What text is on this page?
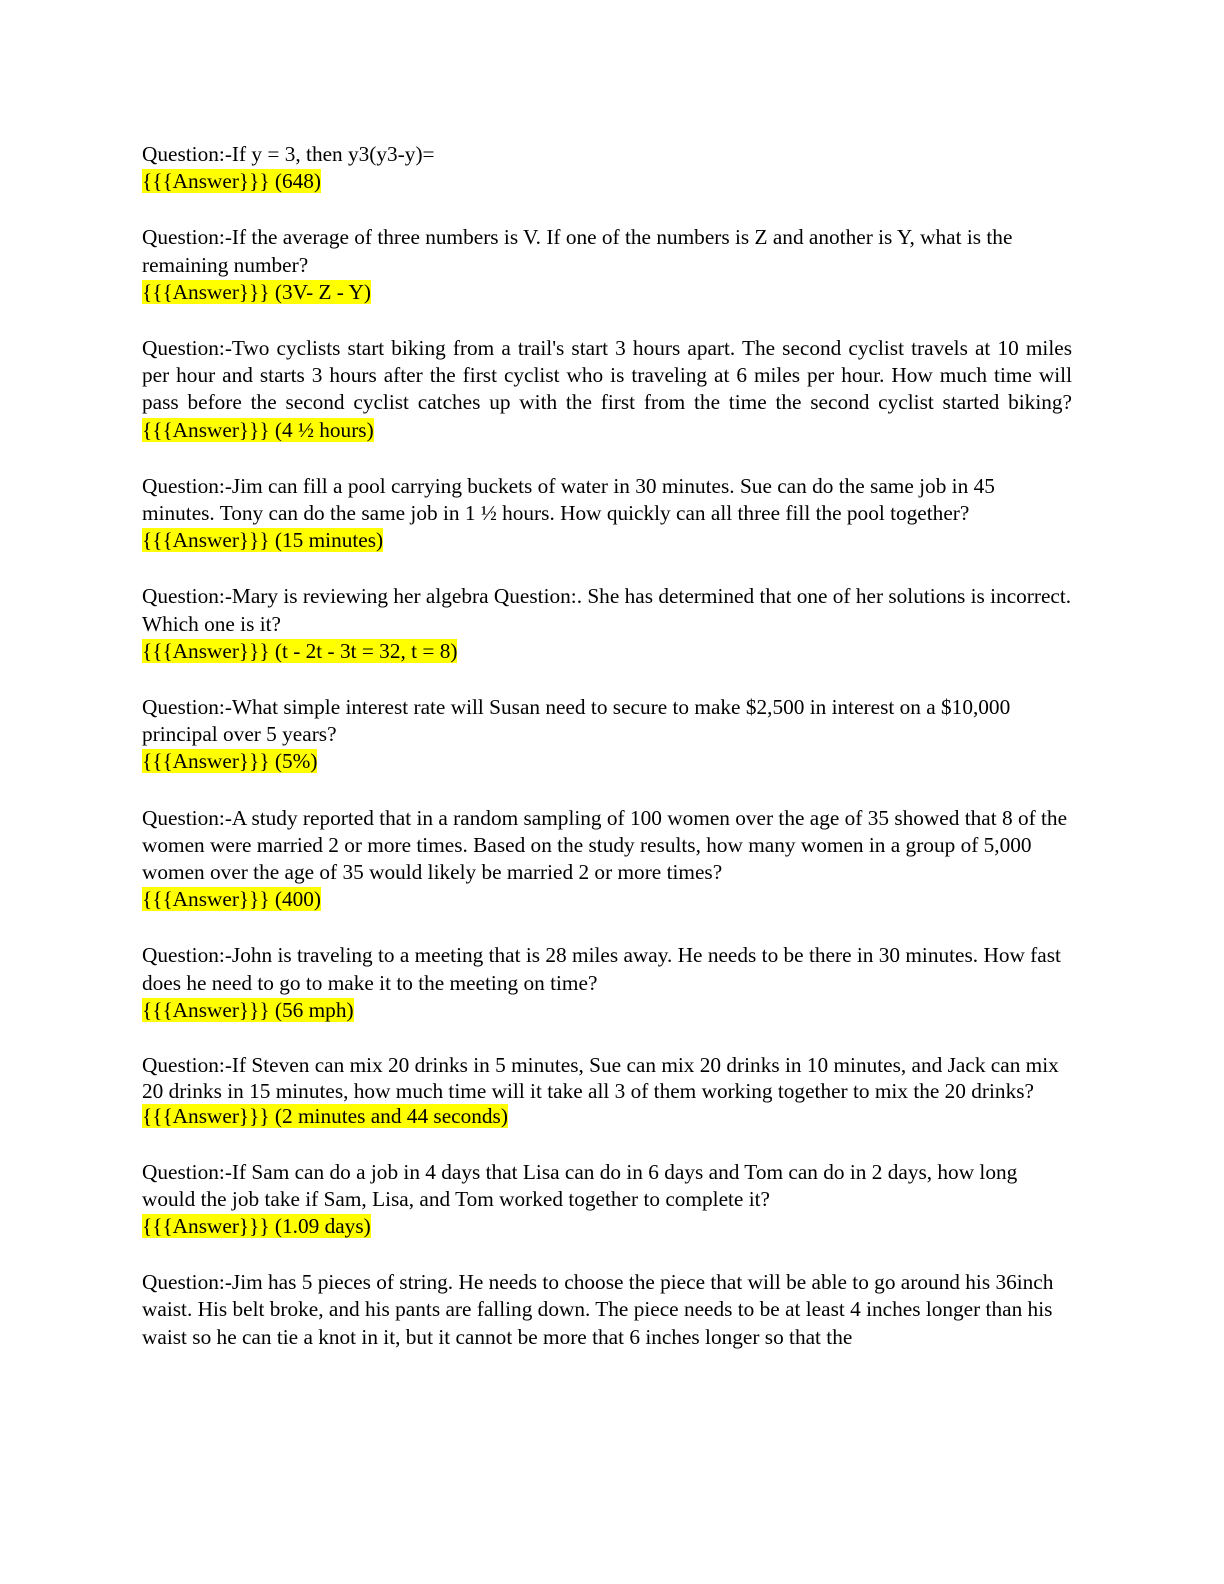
Question:-If y = 3, then y3(y3-y)=
{{{Answer}}} (648)
Question:-If the average of three numbers is V. If one of the numbers is Z and another is Y, what is the remaining number?
{{{Answer}}} (3V- Z - Y)
Question:-Two cyclists start biking from a trail's start 3 hours apart. The second cyclist travels at 10 miles per hour and starts 3 hours after the first cyclist who is traveling at 6 miles per hour. How much time will pass before the second cyclist catches up with the first from the time the second cyclist started biking? {{{Answer}}} (4 ½ hours)
Question:-Jim can fill a pool carrying buckets of water in 30 minutes. Sue can do the same job in 45 minutes. Tony can do the same job in 1 ½ hours. How quickly can all three fill the pool together? {{{Answer}}} (15 minutes)
Question:-Mary is reviewing her algebra Question:. She has determined that one of her solutions is incorrect. Which one is it?
{{{Answer}}} (t - 2t - 3t = 32, t = 8)
Question:-What simple interest rate will Susan need to secure to make $2,500 in interest on a $10,000 principal over 5 years?
{{{Answer}}} (5%)
Question:-A study reported that in a random sampling of 100 women over the age of 35 showed that 8 of the women were married 2 or more times. Based on the study results, how many women in a group of 5,000 women over the age of 35 would likely be married 2 or more times?
{{{Answer}}} (400)
Question:-John is traveling to a meeting that is 28 miles away. He needs to be there in 30 minutes. How fast does he need to go to make it to the meeting on time?
{{{Answer}}} (56 mph)
Question:-If Steven can mix 20 drinks in 5 minutes, Sue can mix 20 drinks in 10 minutes, and Jack can mix 20 drinks in 15 minutes, how much time will it take all 3 of them working together to mix the 20 drinks?
{{{Answer}}} (2 minutes and 44 seconds)
Question:-If Sam can do a job in 4 days that Lisa can do in 6 days and Tom can do in 2 days, how long would the job take if Sam, Lisa, and Tom worked together to complete it?
{{{Answer}}} (1.09 days)
Question:-Jim has 5 pieces of string. He needs to choose the piece that will be able to go around his 36inch waist. His belt broke, and his pants are falling down. The piece needs to be at least 4 inches longer than his waist so he can tie a knot in it, but it cannot be more that 6 inches longer so that the
